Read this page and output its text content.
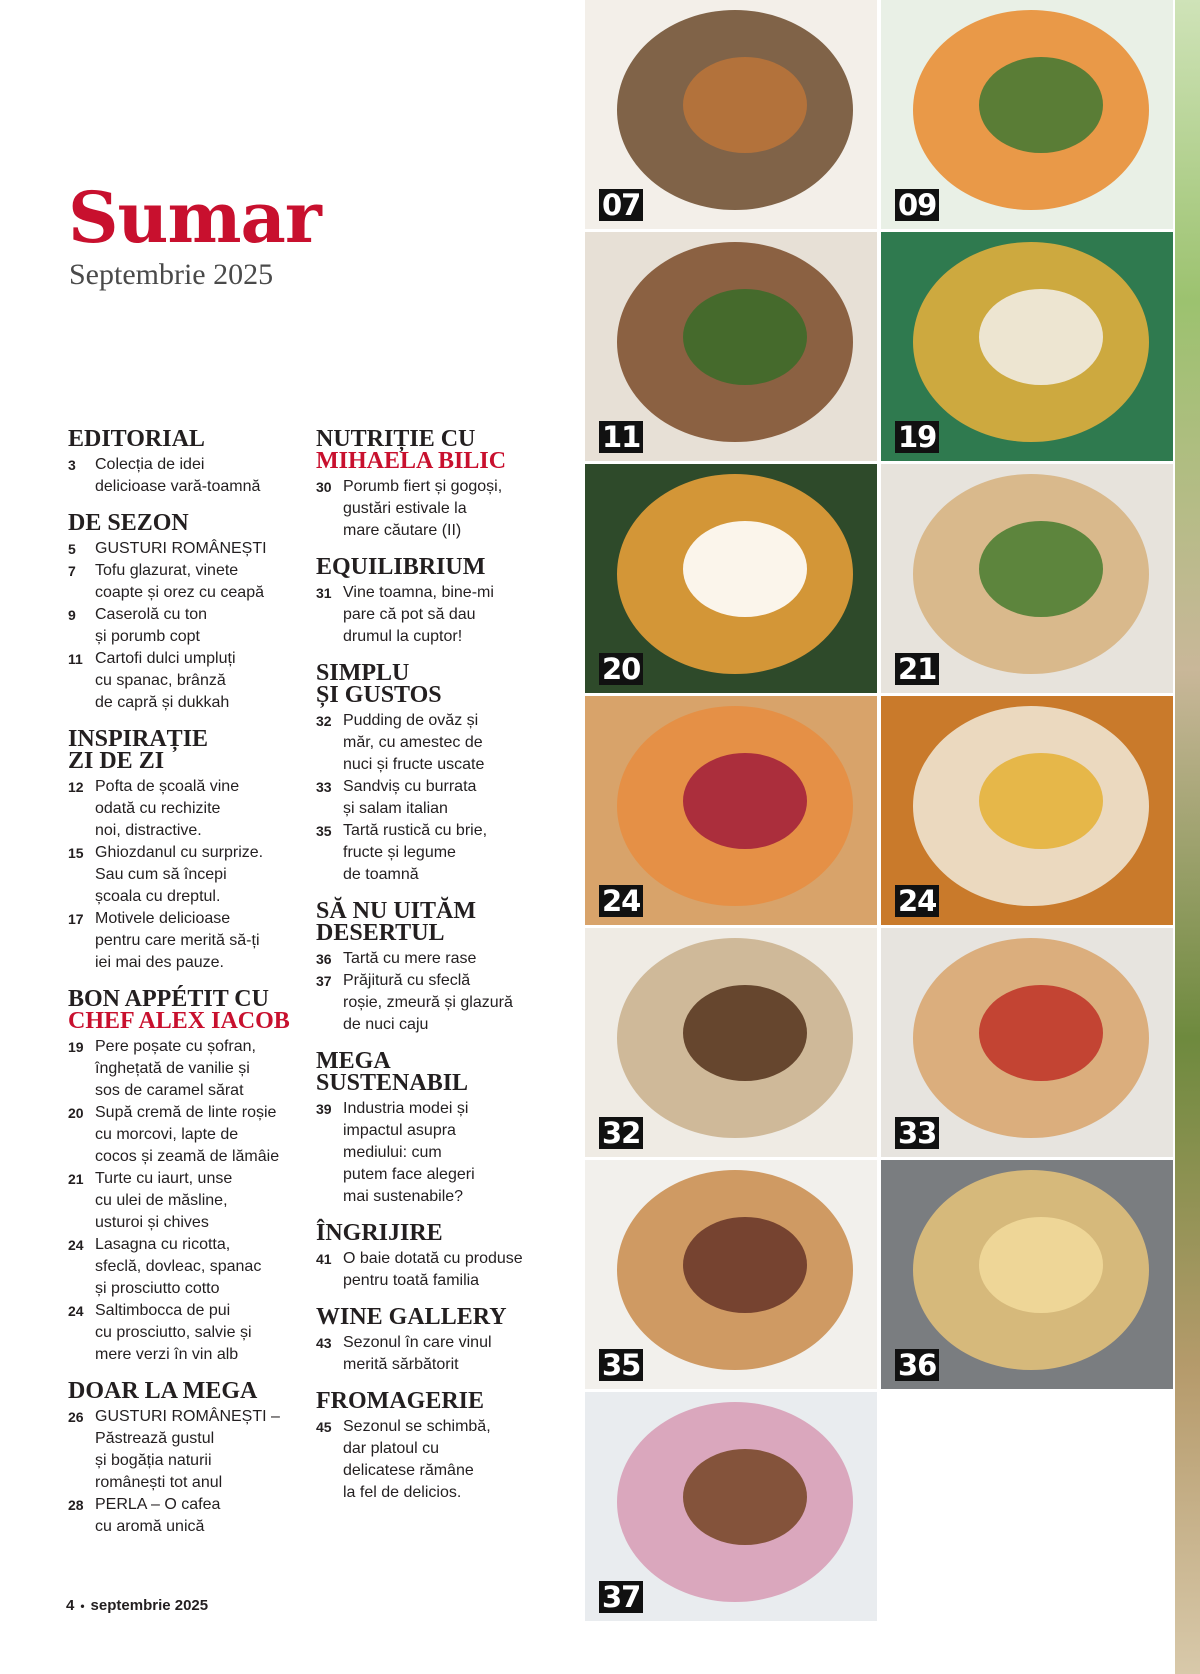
Sumar
Septembrie 2025
EDITORIAL
3	Colecția de idei
delicioase vară-toamnă
DE SEZON
5	GUSTURI ROMÂNEȘTI
7	Tofu glazurat, vinete
coapte și orez cu ceapă
9	Caserolă cu ton
și porumb copt
11 Cartofi dulci umpluți
cu spanac, brânză
de capră și dukkah
INSPIRAȚIE
ZI DE ZI
12 Pofta de școală vine
odată cu rechizite
noi, distractive.
15 Ghiozdanul cu surprize.
Sau cum să începi
școala cu dreptul.
17 Motivele delicioase
pentru care merită să-ți
iei mai des pauze.
BON APPÉTIT CU
CHEF ALEX IACOB
19 Pere poșate cu șofran,
înghețată de vanilie și
sos de caramel sărat
20 Supă cremă de linte roșie
cu morcovi, lapte de
cocos și zeamă de lămâie
21 Turte cu iaurt, unse
cu ulei de măsline,
usturoi și chives
24 Lasagna cu ricotta,
sfeclă, dovleac, spanac
și prosciutto cotto
24 Saltimbocca de pui
cu prosciutto, salvie și
mere verzi în vin alb
DOAR LA MEGA
26 GUSTURI ROMÂNEȘTI –
Păstrează gustul
și bogăția naturii
românești tot anul
28 PERLA – O cafea
cu aromă unică
NUTRIȚIE CU
MIHAELA BILIC
30 Porumb fiert și gogoși,
gustări estivale la
mare căutare (II)
EQUILIBRIUM
31 Vine toamna, bine-mi
pare că pot să dau
drumul la cuptor!
SIMPLU
ȘI GUSTOS
32 Pudding de ovăz și
măr, cu amestec de
nuci și fructe uscate
33 Sandviș cu burrata
și salam italian
35 Tartă rustică cu brie,
fructe și legume
de toamnă
SĂ NU UITĂM
DESERTUL
36 Tartă cu mere rase
37 Prăjitură cu sfeclă
roșie, zmeură și glazură
de nuci caju
MEGA
SUSTENABIL
39 Industria modei și
impactul asupra
mediului: cum
putem face alegeri
mai sustenabile?
ÎNGRIJIRE
41 O baie dotată cu produse
pentru toată familia
WINE GALLERY
43 Sezonul în care vinul
merită sărbătorit
FROMAGERIE
45 Sezonul se schimbă,
dar platoul cu
delicatese rămâne
la fel de delicios.
07	09
11	19
20	21
24	24
32	33
35	36
37
4 • septembrie 2025
